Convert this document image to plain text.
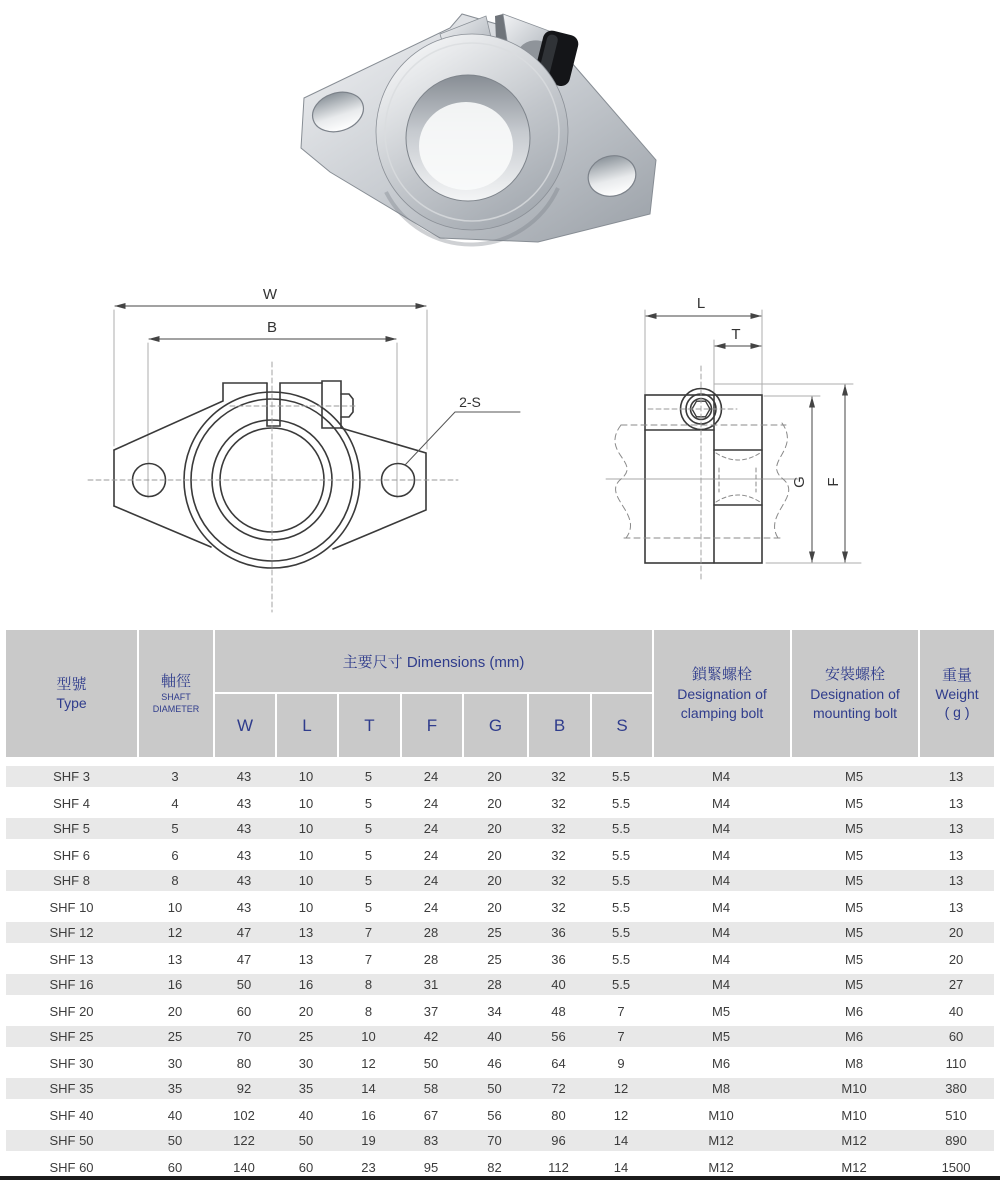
W
B
2-S
L
T
G F
型號
Type

軸徑
SHAFT DIAMETER

主要尺寸 Dimensions (mm)

鎖緊螺栓
Designation of clamping bolt

安裝螺栓
Designation of mounting bolt

重量
Weight
( g )

		W	L	T	F	G	B	S			

SHF 3	3	43	10	5	24	20	32	5.5	M4	M5	13
SHF 4	4	43	10	5	24	20	32	5.5	M4	M5	13
SHF 5	5	43	10	5	24	20	32	5.5	M4	M5	13
SHF 6	6	43	10	5	24	20	32	5.5	M4	M5	13
SHF 8	8	43	10	5	24	20	32	5.5	M4	M5	13
SHF 10	10	43	10	5	24	20	32	5.5	M4	M5	13
SHF 12	12	47	13	7	28	25	36	5.5	M4	M5	20
SHF 13	13	47	13	7	28	25	36	5.5	M4	M5	20
SHF 16	16	50	16	8	31	28	40	5.5	M4	M5	27
SHF 20	20	60	20	8	37	34	48	7	M5	M6	40
SHF 25	25	70	25	10	42	40	56	7	M5	M6	60
SHF 30	30	80	30	12	50	46	64	9	M6	M8	110
SHF 35	35	92	35	14	58	50	72	12	M8	M10	380
SHF 40	40	102	40	16	67	56	80	12	M10	M10	510
SHF 50	50	122	50	19	83	70	96	14	M12	M12	890
SHF 60	60	140	60	23	95	82	112	14	M12	M12	1500
